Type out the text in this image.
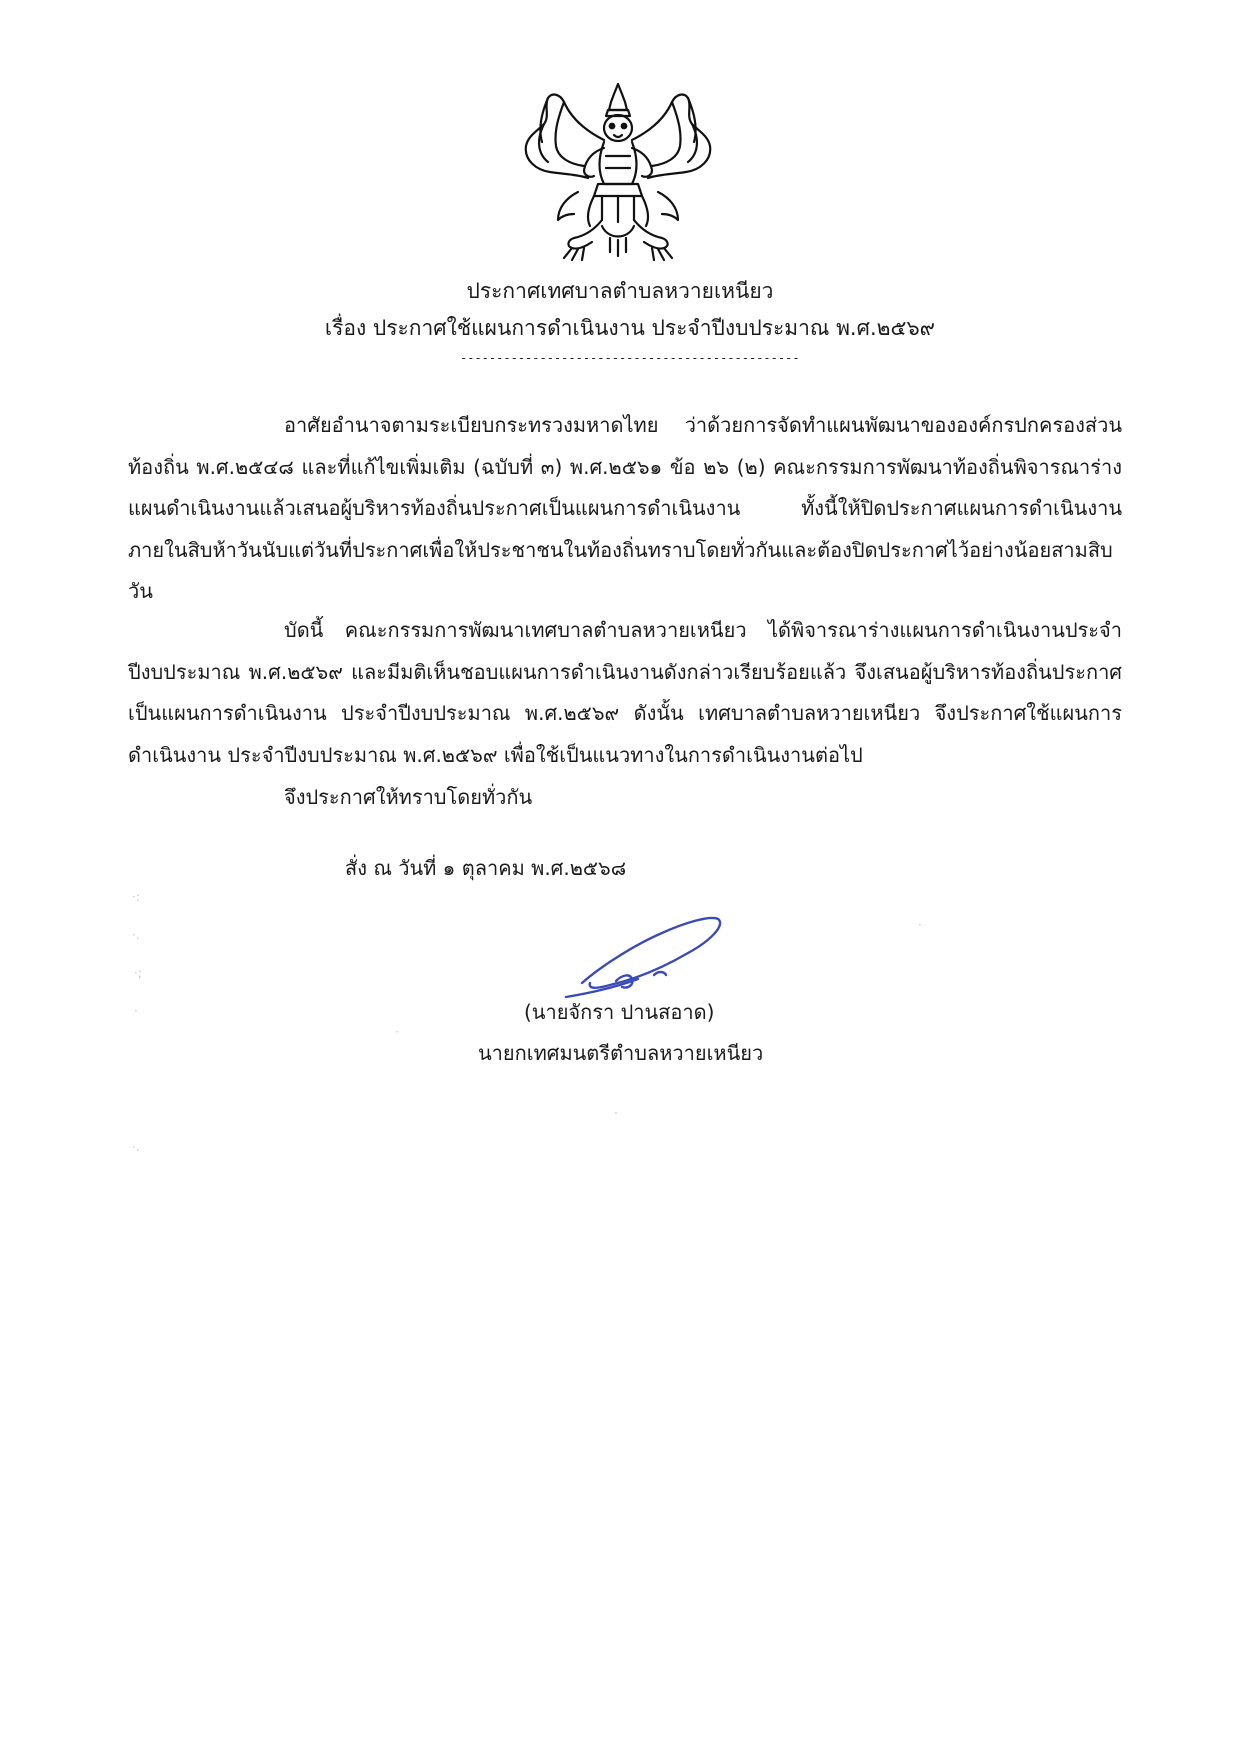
ประกาศเทศบาลตำบลหวายเหนียว
เรื่อง ประกาศใช้แผนการดำเนินงาน ประจำปีงบประมาณ พ.ศ.๒๕๖๙
-----------------------------------------------

อาศัยอำนาจตามระเบียบกระทรวงมหาดไทย ว่าด้วยการจัดทำแผนพัฒนาขององค์กรปกครองส่วนท้องถิ่น พ.ศ.๒๕๔๘ และที่แก้ไขเพิ่มเติม (ฉบับที่ ๓) พ.ศ.๒๕๖๑ ข้อ ๒๖ (๒) คณะกรรมการพัฒนาท้องถิ่นพิจารณาร่างแผนดำเนินงานแล้วเสนอผู้บริหารท้องถิ่นประกาศเป็นแผนการดำเนินงาน ทั้งนี้ให้ปิดประกาศแผนการดำเนินงานภายในสิบห้าวันนับแต่วันที่ประกาศเพื่อให้ประชาชนในท้องถิ่นทราบโดยทั่วกันและต้องปิดประกาศไว้อย่างน้อยสามสิบวัน

บัดนี้ คณะกรรมการพัฒนาเทศบาลตำบลหวายเหนียว ได้พิจารณาร่างแผนการดำเนินงานประจำปีงบประมาณ พ.ศ.๒๕๖๙ และมีมติเห็นชอบแผนการดำเนินงานดังกล่าวเรียบร้อยแล้ว จึงเสนอผู้บริหารท้องถิ่นประกาศเป็นแผนการดำเนินงาน ประจำปีงบประมาณ พ.ศ.๒๕๖๙ ดังนั้น เทศบาลตำบลหวายเหนียว จึงประกาศใช้แผนการดำเนินงาน ประจำปีงบประมาณ พ.ศ.๒๕๖๙ เพื่อใช้เป็นแนวทางในการดำเนินงานต่อไป

จึงประกาศให้ทราบโดยทั่วกัน
สั่ง ณ วันที่ ๑ ตุลาคม พ.ศ.๒๕๖๘
(นายจักรา ปานสอาด)
นายกเทศมนตรีตำบลหวายเหนียว
·:
·.
·;
·
·.
·
·
·
